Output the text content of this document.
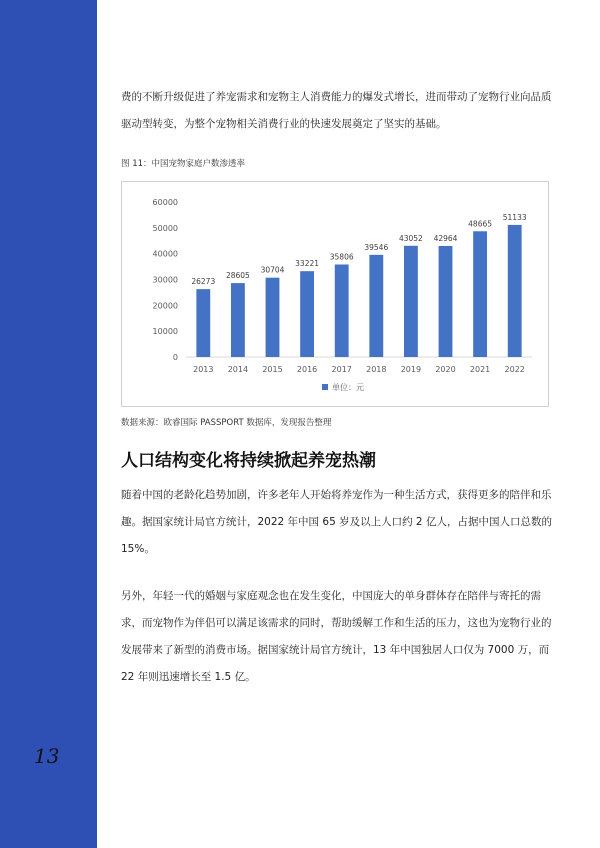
13

费的不断升级促进了养宠需求和宠物主人消费能力的爆发式增长，进而带动了宠物行业向品质驱动型转变，为整个宠物相关消费行业的快速发展奠定了坚实的基础。

图 11：中国宠物家庭户数渗透率
0
10000
20000
30000
40000
50000
60000
26273
2013
28605
2014
30704
2015
33221
2016
35806
2017
39546
2018
43052
2019
42964
2020
48665
2021
51133
2022
单位：元
数据来源：欧睿国际 PASSPORT 数据库，发现报告整理
人口结构变化将持续掀起养宠热潮

随着中国的老龄化趋势加剧，许多老年人开始将养宠作为一种生活方式，获得更多的陪伴和乐趣。据国家统计局官方统计，2022 年中国 65 岁及以上人口约 2 亿人，占据中国人口总数的 15%。

另外，年轻一代的婚姻与家庭观念也在发生变化，中国庞大的单身群体存在陪伴与寄托的需求，而宠物作为伴侣可以满足该需求的同时，帮助缓解工作和生活的压力，这也为宠物行业的发展带来了新型的消费市场。据国家统计局官方统计，13 年中国独居人口仅为 7000 万，而 22 年则迅速增长至 1.5 亿。
